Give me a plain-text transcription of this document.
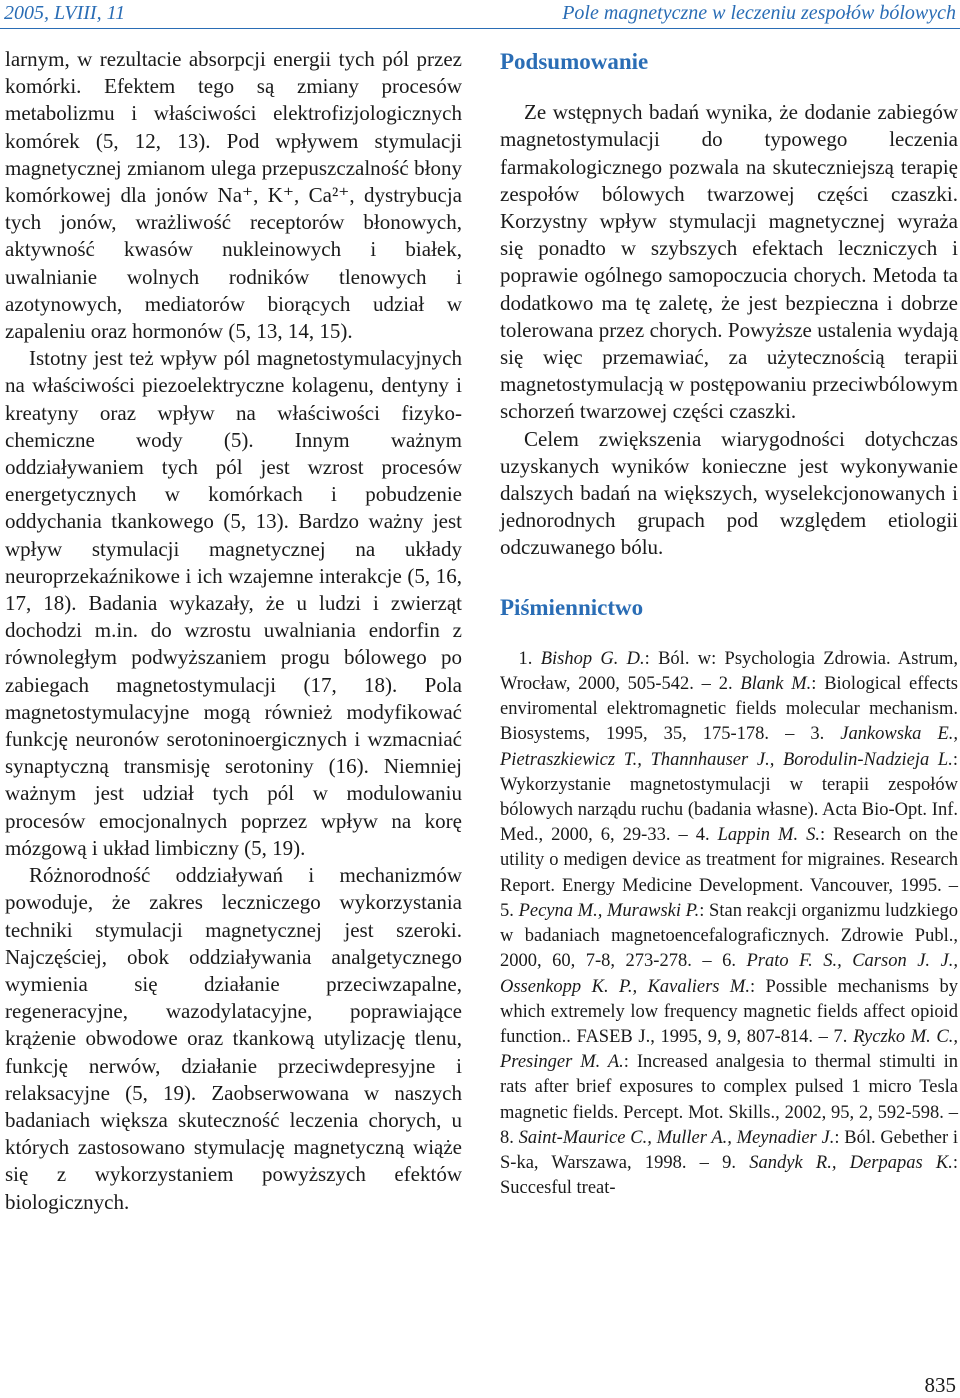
2005, LVIII, 11	Pole magnetyczne w leczeniu zespołów bólowych

larnym, w rezultacie absorpcji energii tych pól przez komórki. Efektem tego są zmiany procesów metabolizmu i właściwości elektrofizjologicznych komórek (5, 12, 13). Pod wpływem stymulacji magnetycznej zmianom ulega przepuszczalność błony komórkowej dla jonów Na⁺, K⁺, Ca²⁺, dystrybucja tych jonów, wrażliwość receptorów błonowych, aktywność kwasów nukleinowych i białek, uwalnianie wolnych rodników tlenowych i azotynowych, mediatorów biorących udział w zapaleniu oraz hormonów (5, 13, 14, 15).

Istotny jest też wpływ pól magnetostymulacyjnych na właściwości piezoelektryczne kolagenu, dentyny i kreatyny oraz wpływ na właściwości fizyko-chemiczne wody (5). Innym ważnym oddziaływaniem tych pól jest wzrost procesów energetycznych w komórkach i pobudzenie oddychania tkankowego (5, 13). Bardzo ważny jest wpływ stymulacji magnetycznej na układy neuroprzekaźnikowe i ich wzajemne interakcje (5, 16, 17, 18). Badania wykazały, że u ludzi i zwierząt dochodzi m.in. do wzrostu uwalniania endorfin z równoległym podwyższaniem progu bólowego po zabiegach magnetostymulacji (17, 18). Pola magnetostymulacyjne mogą również modyfikować funkcję neuronów serotoninoergicznych i wzmacniać synaptyczną transmisję serotoniny (16). Niemniej ważnym jest udział tych pól w modulowaniu procesów emocjonalnych poprzez wpływ na korę mózgową i układ limbiczny (5, 19).

Różnorodność oddziaływań i mechanizmów powoduje, że zakres leczniczego wykorzystania techniki stymulacji magnetycznej jest szeroki. Najczęściej, obok oddziaływania analgetycznego wymienia się działanie przeciwzapalne, regeneracyjne, wazodylatacyjne, poprawiające krążenie obwodowe oraz tkankową utylizację tlenu, funkcję nerwów, działanie przeciwdepresyjne i relaksacyjne (5, 19). Zaobserwowana w naszych badaniach większa skuteczność leczenia chorych, u których zastosowano stymulację magnetyczną wiąże się z wykorzystaniem powyższych efektów biologicznych.

Podsumowanie

Ze wstępnych badań wynika, że dodanie zabiegów magnetostymulacji do typowego leczenia farmakologicznego pozwala na skuteczniejszą terapię zespołów bólowych twarzowej części czaszki. Korzystny wpływ stymulacji magnetycznej wyraża się ponadto w szybszych efektach leczniczych i poprawie ogólnego samopoczucia chorych. Metoda ta dodatkowo ma tę zaletę, że jest bezpieczna i dobrze tolerowana przez chorych. Powyższe ustalenia wydają się więc przemawiać, za użytecznością terapii magnetostymulacją w postępowaniu przeciwbólowym schorzeń twarzowej części czaszki.

Celem zwiększenia wiarygodności dotychczas uzyskanych wyników konieczne jest wykonywanie dalszych badań na większych, wyselekcjonowanych i jednorodnych grupach pod względem etiologii odczuwanego bólu.

Piśmiennictwo
 1. Bishop G. D.: Ból. w: Psychologia Zdrowia. Astrum, Wrocław, 2000, 505-542. – 2. Blank M.: Biological effects enviromental elektromagnetic fields molecular mechanism. Biosystems, 1995, 35, 175-178. – 3. Jankowska E., Pietraszkiewicz T., Thannhauser J., Borodulin-Nadzieja L.: Wykorzystanie magnetostymulacji w terapii zespołów bólowych narządu ruchu (badania własne). Acta Bio-Opt. Inf. Med., 2000, 6, 29-33. – 4. Lappin M. S.: Research on the utility o medigen device as treatment for migraines. Research Report. Energy Medicine Development. Vancouver, 1995. – 5. Pecyna M., Murawski P.: Stan reakcji organizmu ludzkiego w badaniach magnetoencefalograficznych. Zdrowie Publ., 2000, 60, 7-8, 273-278. – 6. Prato F. S., Carson J. J., Ossenkopp K. P., Kavaliers M.: Possible mechanisms by which extremely low frequency magnetic fields affect opioid function.. FASEB J., 1995, 9, 9, 807-814. – 7. Ryczko M. C., Presinger M. A.: Increased analgesia to thermal stimulti in rats after brief exposures to complex pulsed 1 micro Tesla magnetic fields. Percept. Mot. Skills., 2002, 95, 2, 592-598. – 8. Saint-Maurice C., Muller A., Meynadier J.: Ból. Gebether i S-ka, Warszawa, 1998. – 9. Sandyk R., Derpapas K.: Succesful treat-
835
